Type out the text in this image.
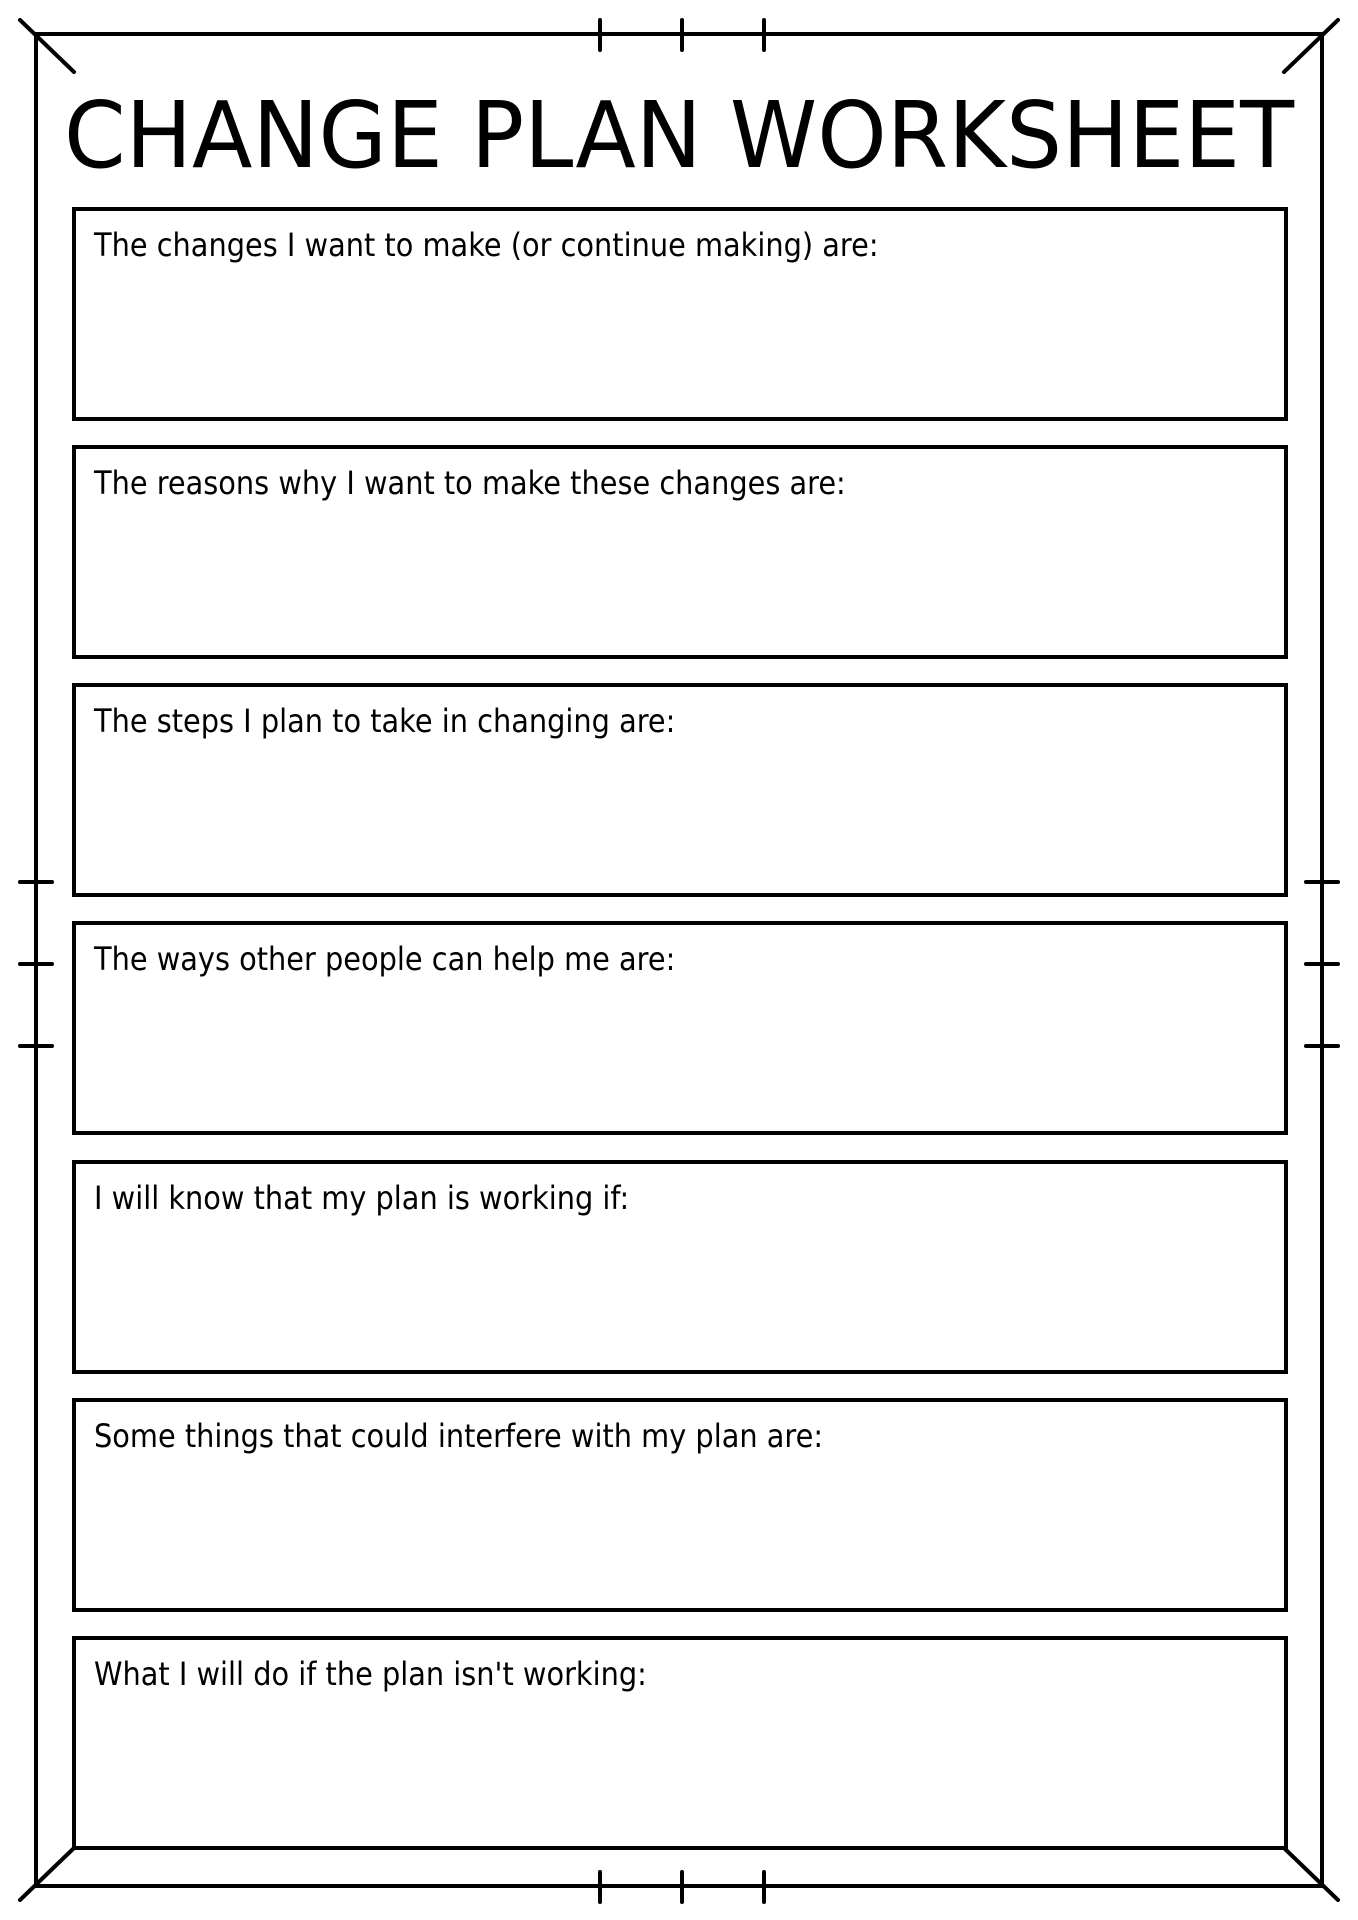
CHANGE PLAN WORKSHEET
The changes I want to make (or continue making) are:
The reasons why I want to make these changes are:
The steps I plan to take in changing are:
The ways other people can help me are:
I will know that my plan is working if:
Some things that could interfere with my plan are:
What I will do if the plan isn't working:
